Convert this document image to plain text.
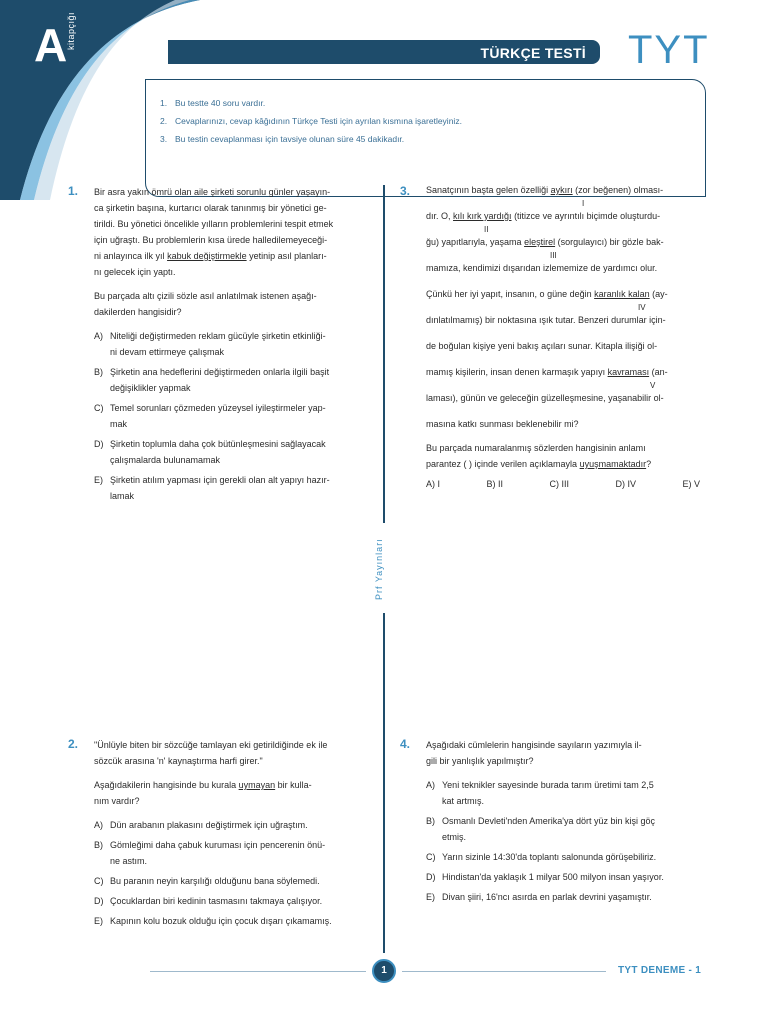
A
kitapçığı
TÜRKÇE TESTİ TYT
1. Bu testte 40 soru vardır.
2. Cevaplarınızı, cevap kâğıdının Türkçe Testi için ayrılan kısmına işaretleyiniz.
3. Bu testin cevaplanması için tavsiye olunan süre 45 dakikadır.
Prf Yayınları
1. Bir asra yakın ömrü olan aile şirketi sorunlu günler yaşayın-
ca şirketin başına, kurtarıcı olarak tanınmış bir yönetici ge-
tirildi. Bu yönetici öncelikle yılların problemlerini tespit etmek
için uğraştı. Bu problemlerin kısa ürede halledilemeyeceği-
ni anlayınca ilk yıl kabuk değiştirmekle yetinip asıl planları-
nı gelecek için yaptı.

Bu parçada altı çizili sözle asıl anlatılmak istenen aşağı-
dakilerden hangisidir?

A) Niteliği değiştirmeden reklam gücüyle şirketin etkinliği-
ni devam ettirmeye çalışmak
B) Şirketin ana hedeflerini değiştirmeden onlarla ilgili başit
değişiklikler yapmak
C) Temel sorunları çözmeden yüzeysel iyileştirmeler yap-
mak
D) Şirketin toplumla daha çok bütünleşmesini sağlayacak
çalışmalarda bulunamamak
E) Şirketin atılım yapması için gerekli olan alt yapıyı hazır-
lamak
3. Sanatçının başta gelen özelliği aykırı (zor beğenen) olması-
I
dır. O, kılı kırk yardığı (titizce ve ayrıntılı biçimde oluşturdu-
II
ğu) yapıtlarıyla, yaşama eleştirel (sorgulayıcı) bir gözle bak-
III
mamıza, kendimizi dışarıdan izlememize de yardımcı olur.
Çünkü her iyi yapıt, insanın, o güne değin karanlık kalan (ay-
IV
dınlatılmamış) bir noktasına ışık tutar. Benzeri durumlar için-
de boğulan kişiye yeni bakış açıları sunar. Kitapla ilişiği ol-
mamış kişilerin, insan denen karmaşık yapıyı kavraması (an-
V
laması), günün ve geleceğin güzelleşmesine, yaşanabilir ol-
masına katkı sunması beklenebilir mi?
Bu parçada numaralanmış sözlerden hangisinin anlamı
parantez ( ) içinde verilen açıklamayla uyuşmamaktadır?
A) I	B) II	C) III	D) IV	E) V
2. "Ünlüyle biten bir sözcüğe tamlayan eki getirildiğinde ek ile
sözcük arasına 'n' kaynaştırma harfi girer."

Aşağıdakilerin hangisinde bu kurala uymayan bir kulla-
nım vardır?

A) Dün arabanın plakasını değiştirmek için uğraştım.
B) Gömleğimi daha çabuk kuruması için pencerenin önü-
ne astım.
C) Bu paranın neyin karşılığı olduğunu bana söylemedi.
D) Çocuklardan biri kedinin tasmasını takmaya çalışıyor.
E) Kapının kolu bozuk olduğu için çocuk dışarı çıkamamış.
4. Aşağıdaki cümlelerin hangisinde sayıların yazımıyla il-
gili bir yanlışlık yapılmıştır?

A) Yeni teknikler sayesinde burada tarım üretimi tam 2,5
kat artmış.
B) Osmanlı Devleti'nden Amerika'ya dört yüz bin kişi göç
etmiş.
C) Yarın sizinle 14:30'da toplantı salonunda görüşebiliriz.
D) Hindistan'da yaklaşık 1 milyar 500 milyon insan yaşıyor.
E) Divan şiiri, 16'ncı asırda en parlak devrini yaşamıştır.
1	TYT DENEME - 1
